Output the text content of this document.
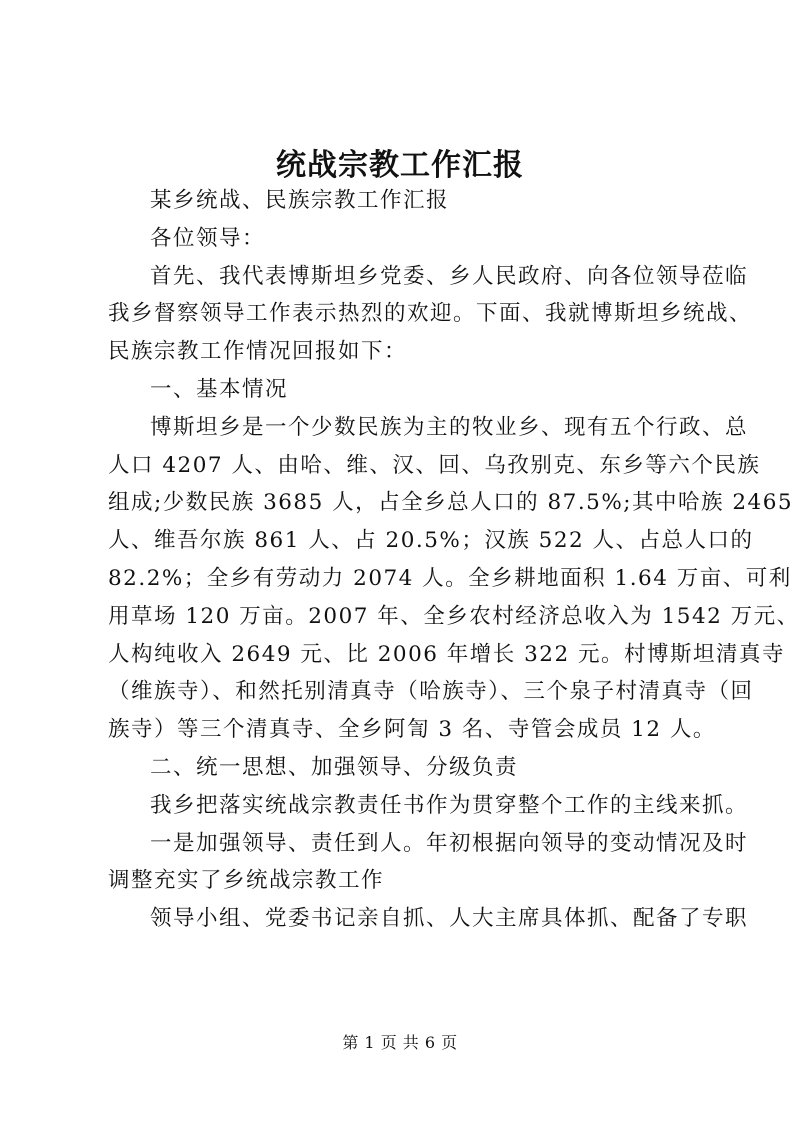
统战宗教工作汇报
某乡统战、民族宗教工作汇报
各位领导：
首先、我代表博斯坦乡党委、乡人民政府、向各位领导莅临
我乡督察领导工作表示热烈的欢迎。下面、我就博斯坦乡统战、
民族宗教工作情况回报如下：
一、基本情况
博斯坦乡是一个少数民族为主的牧业乡、现有五个行政、总
人口 4207 人、由哈、维、汉、回、乌孜别克、东乡等六个民族
组成;少数民族 3685 人，占全乡总人口的 87.5%;其中哈族 2465
人、维吾尔族 861 人、占 20.5%；汉族 522 人、占总人口的
82.2%；全乡有劳动力 2074 人。全乡耕地面积 1.64 万亩、可利
用草场 120 万亩。2007 年、全乡农村经济总收入为 1542 万元、
人构纯收入 2649 元、比 2006 年增长 322 元。村博斯坦清真寺
（维族寺）、和然托别清真寺（哈族寺）、三个泉子村清真寺（回
族寺）等三个清真寺、全乡阿訇 3 名、寺管会成员 12 人。
二、统一思想、加强领导、分级负责
我乡把落实统战宗教责任书作为贯穿整个工作的主线来抓。
一是加强领导、责任到人。年初根据向领导的变动情况及时
调整充实了乡统战宗教工作
领导小组、党委书记亲自抓、人大主席具体抓、配备了专职
第 1 页 共 6 页
